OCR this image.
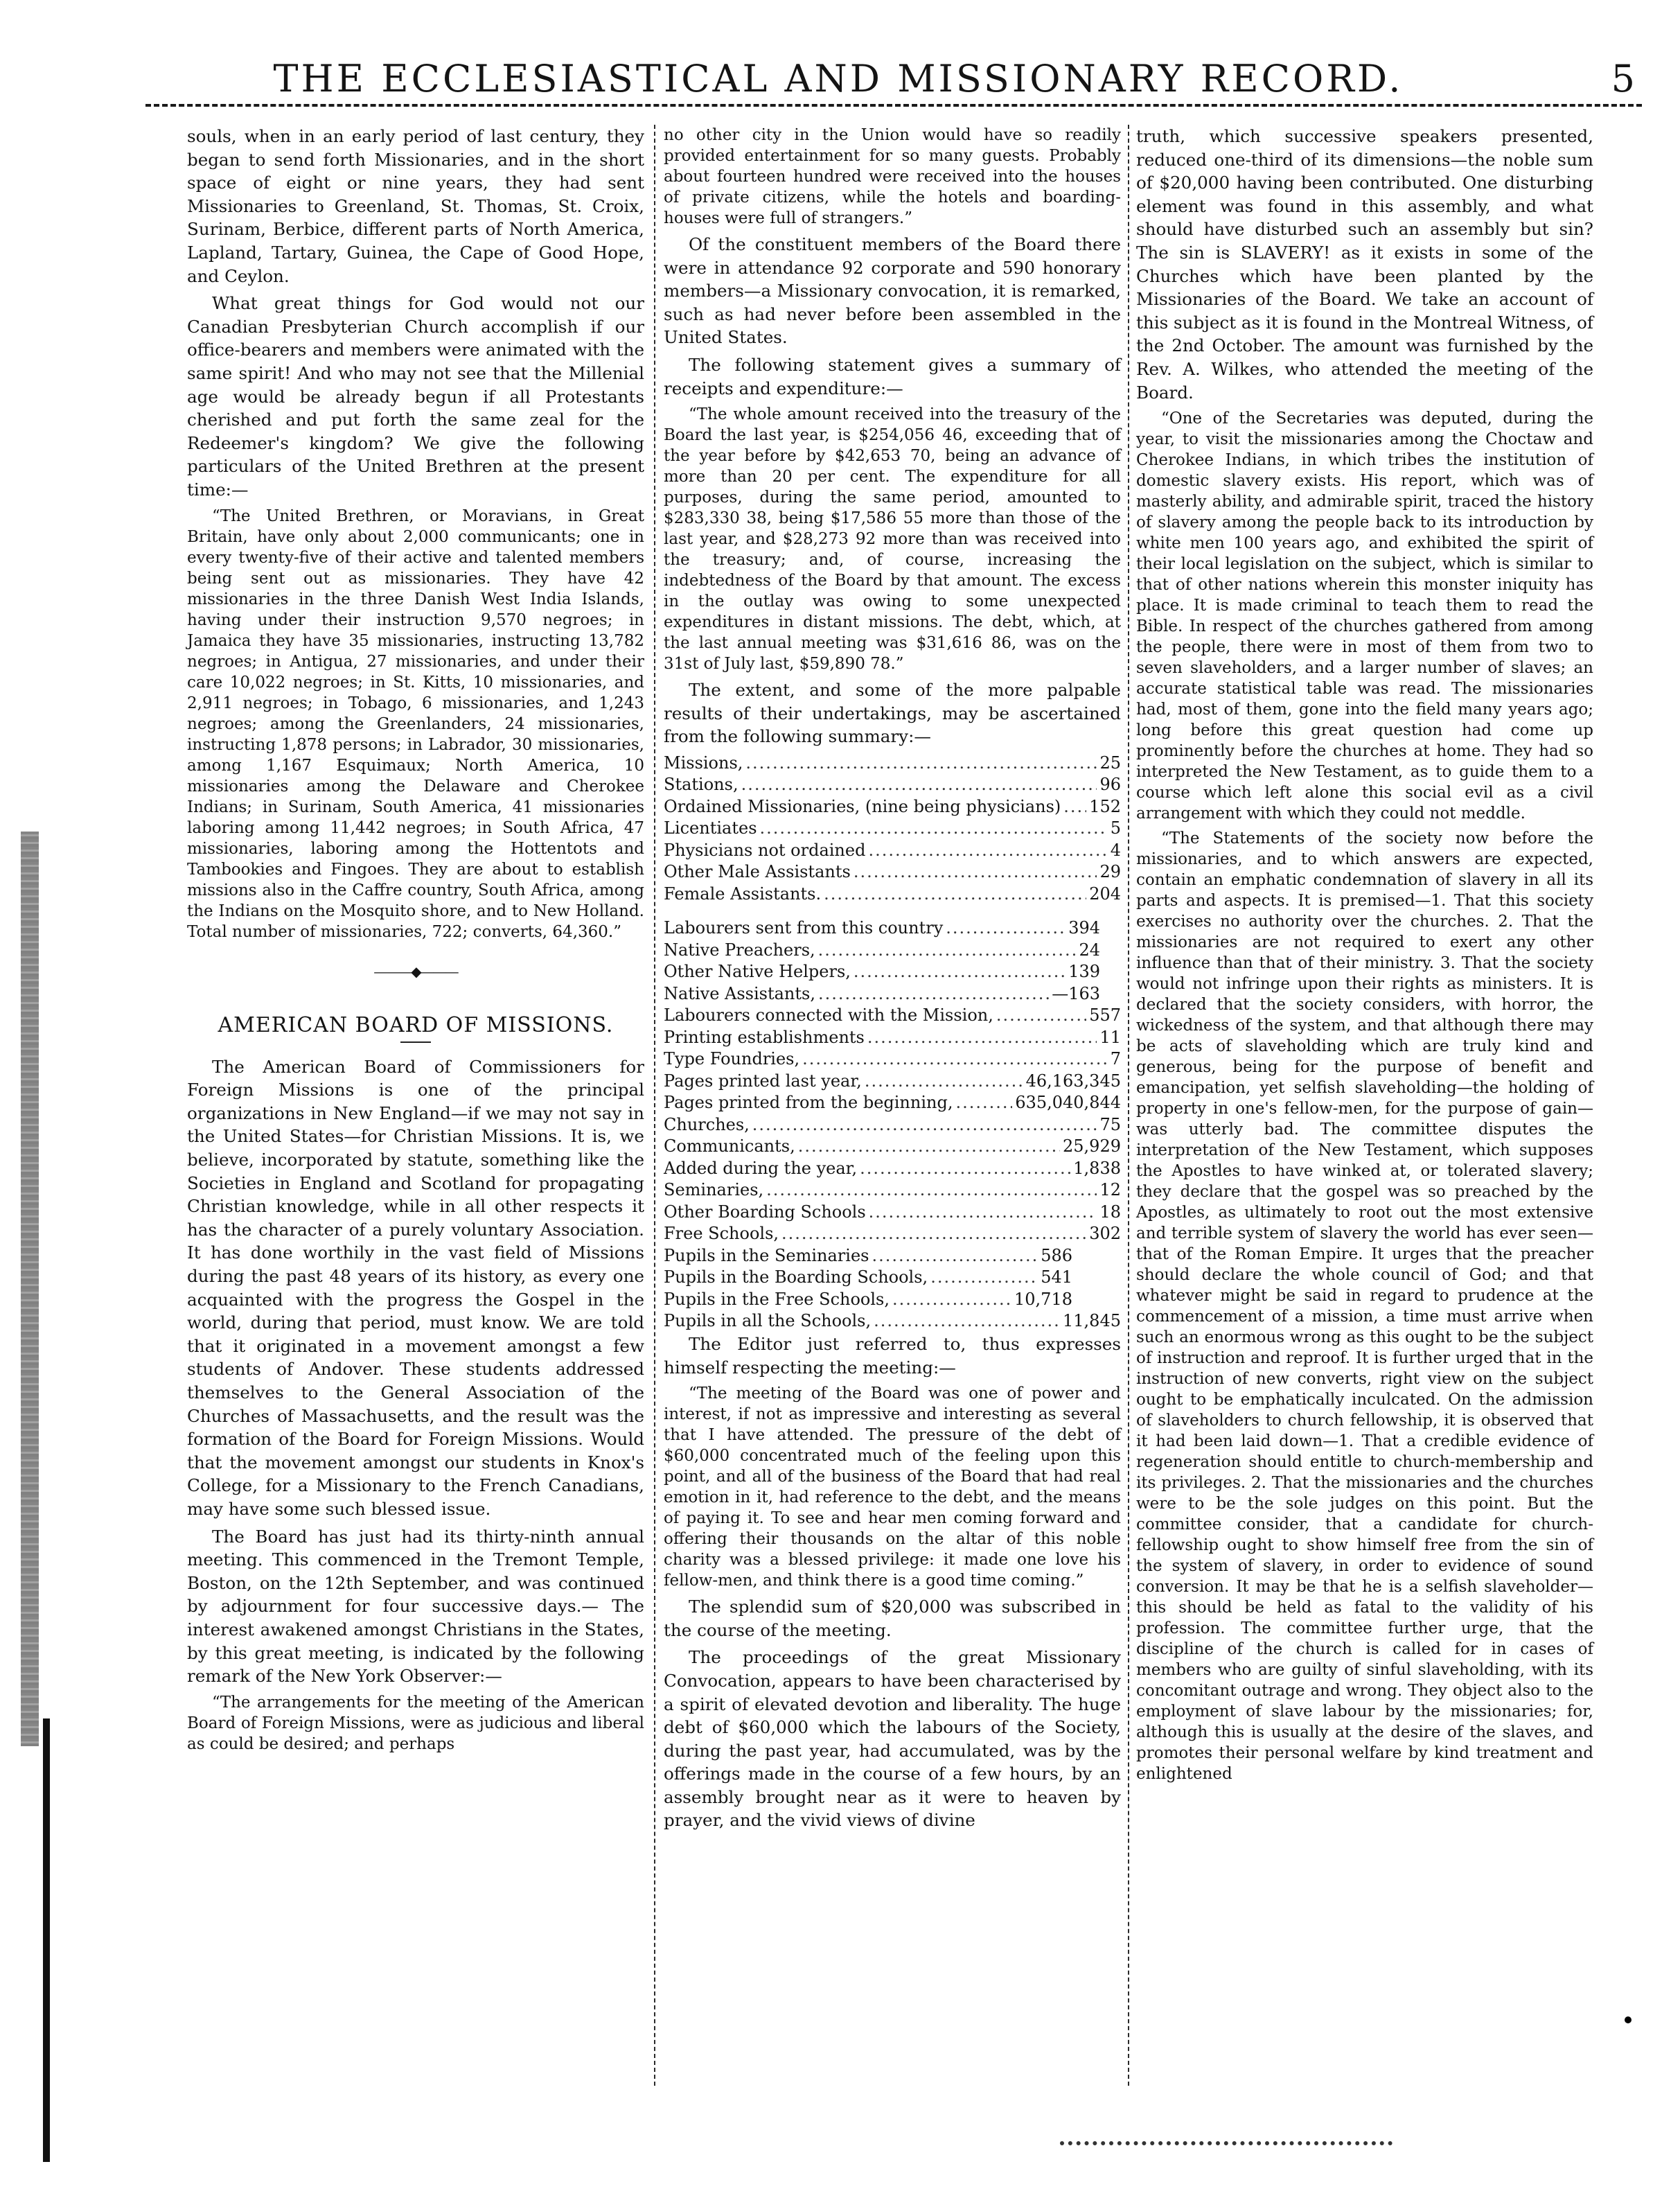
THE ECCLESIASTICAL AND MISSIONARY RECORD.	5

souls, when in an early period of last century, they began to send forth Missionaries, and in the short space of eight or nine years, they had sent Missionaries to Greenland, St. Thomas, St. Croix, Surinam, Berbice, different parts of North America, Lapland, Tartary, Guinea, the Cape of Good Hope, and Ceylon.

What great things for God would not our Canadian Presbyterian Church accomplish if our office-bearers and members were animated with the same spirit! And who may not see that the Millenial age would be already begun if all Protestants cherished and put forth the same zeal for the Redeemer's kingdom? We give the following particulars of the United Brethren at the present time:—

“The United Brethren, or Moravians, in Great Britain, have only about 2,000 communicants; one in every twenty-five of their active and talented members being sent out as missionaries. They have 42 missionaries in the three Danish West India Islands, having under their instruction 9,570 negroes; in Jamaica they have 35 missionaries, instructing 13,782 negroes; in Antigua, 27 missionaries, and under their care 10,022 negroes; in St. Kitts, 10 missionaries, and 2,911 negroes; in Tobago, 6 missionaries, and 1,243 negroes; among the Greenlanders, 24 missionaries, instructing 1,878 persons; in Labrador, 30 missionaries, among 1,167 Esquimaux; North America, 10 missionaries among the Delaware and Cherokee Indians; in Surinam, South America, 41 missionaries laboring among 11,442 negroes; in South Africa, 47 missionaries, laboring among the Hottentots and Tambookies and Fingoes. They are about to establish missions also in the Caffre country, South Africa, among the Indians on the Mosquito shore, and to New Holland. Total number of missionaries, 722; converts, 64,360.”

———◆———
AMERICAN BOARD OF MISSIONS.

The American Board of Commissioners for Foreign Missions is one of the principal organizations in New England—if we may not say in the United States—for Christian Missions. It is, we believe, incorporated by statute, something like the Societies in England and Scotland for propagating Christian knowledge, while in all other respects it has the character of a purely voluntary Association. It has done worthily in the vast field of Missions during the past 48 years of its history, as every one acquainted with the progress the Gospel in the world, during that period, must know. We are told that it originated in a movement amongst a few students of Andover. These students addressed themselves to the General Association of the Churches of Massachusetts, and the result was the formation of the Board for Foreign Missions. Would that the movement amongst our students in Knox's College, for a Missionary to the French Canadians, may have some such blessed issue.

The Board has just had its thirty-ninth annual meeting. This commenced in the Tremont Temple, Boston, on the 12th September, and was continued by adjournment for four successive days.— The interest awakened amongst Christians in the States, by this great meeting, is indicated by the following remark of the New York Observer:—

“The arrangements for the meeting of the American Board of Foreign Missions, were as judicious and liberal as could be desired; and perhaps

no other city in the Union would have so readily provided entertainment for so many guests. Probably about fourteen hundred were received into the houses of private citizens, while the hotels and boarding-houses were full of strangers.”

Of the constituent members of the Board there were in attendance 92 corporate and 590 honorary members—a Missionary convocation, it is remarked, such as had never before been assembled in the United States.

The following statement gives a summary of receipts and expenditure:—

“The whole amount received into the treasury of the Board the last year, is $254,056 46, exceeding that of the year before by $42,653 70, being an advance of more than 20 per cent. The expenditure for all purposes, during the same period, amounted to $283,330 38, being $17,586 55 more than those of the last year, and $28,273 92 more than was received into the treasury; and, of course, increasing the indebtedness of the Board by that amount. The excess in the outlay was owing to some unexpected expenditures in distant missions. The debt, which, at the last annual meeting was $31,616 86, was on the 31st of July last, $59,890 78.”

The extent, and some of the more palpable results of their undertakings, may be ascertained from the following summary:—

Missions, .....	25
Stations, .....	96
Ordained Missionaries, (nine being physicians) ..... 152
Licentiates .....	5
Physicians not ordained .....	4
Other Male Assistants .....	29
Female Assistants. .....	204
Labourers sent from this country .....	394
Native Preachers, .....	24
Other Native Helpers, .....	139
Native Assistants, .....	—163
Labourers connected with the Mission, .....	557
Printing establishments .....	11
Type Foundries, .....	7
Pages printed last year, .....	46,163,345
Pages printed from the beginning, .....	635,040,844
Churches, .....	75
Communicants, .....	25,929
Added during the year, .....	1,838
Seminaries, .....	12
Other Boarding Schools .....	18
Free Schools, .....	302
Pupils in the Seminaries .....	586
Pupils in the Boarding Schools, .....	541
Pupils in the Free Schools, .....	10,718
Pupils in all the Schools, .....	11,845

The Editor just referred to, thus expresses himself respecting the meeting:—

“The meeting of the Board was one of power and interest, if not as impressive and interesting as several that I have attended. The pressure of the debt of $60,000 concentrated much of the feeling upon this point, and all of the business of the Board that had real emotion in it, had reference to the debt, and the means of paying it. To see and hear men coming forward and offering their thousands on the altar of this noble charity was a blessed privilege: it made one love his fellow-men, and think there is a good time coming.”

The splendid sum of $20,000 was subscribed in the course of the meeting.

The proceedings of the great Missionary Convocation, appears to have been characterised by a spirit of elevated devotion and liberality. The huge debt of $60,000 which the labours of the Society, during the past year, had accumulated, was by the offerings made in the course of a few hours, by an assembly brought near as it were to heaven by prayer, and the vivid views of divine

truth, which successive speakers presented, reduced one-third of its dimensions—the noble sum of $20,000 having been contributed. One disturbing element was found in this assembly, and what should have disturbed such an assembly but sin? The sin is SLAVERY! as it exists in some of the Churches which have been planted by the Missionaries of the Board. We take an account of this subject as it is found in the Montreal Witness, of the 2nd October. The amount was furnished by the Rev. A. Wilkes, who attended the meeting of the Board.

“One of the Secretaries was deputed, during the year, to visit the missionaries among the Choctaw and Cherokee Indians, in which tribes the institution of domestic slavery exists. His report, which was of masterly ability, and admirable spirit, traced the history of slavery among the people back to its introduction by white men 100 years ago, and exhibited the spirit of their local legislation on the subject, which is similar to that of other nations wherein this monster iniquity has place. It is made criminal to teach them to read the Bible. In respect of the churches gathered from among the people, there were in most of them from two to seven slaveholders, and a larger number of slaves; an accurate statistical table was read. The missionaries had, most of them, gone into the field many years ago; long before this great question had come up prominently before the churches at home. They had so interpreted the New Testament, as to guide them to a course which left alone this social evil as a civil arrangement with which they could not meddle.

“The Statements of the society now before the missionaries, and to which answers are expected, contain an emphatic condemnation of slavery in all its parts and aspects. It is premised—1. That this society exercises no authority over the churches. 2. That the missionaries are not required to exert any other influence than that of their ministry. 3. That the society would not infringe upon their rights as ministers. It is declared that the society considers, with horror, the wickedness of the system, and that although there may be acts of slaveholding which are truly kind and generous, being for the purpose of benefit and emancipation, yet selfish slaveholding—the holding of property in one's fellow-men, for the purpose of gain—was utterly bad. The committee disputes the interpretation of the New Testament, which supposes the Apostles to have winked at, or tolerated slavery; they declare that the gospel was so preached by the Apostles, as ultimately to root out the most extensive and terrible system of slavery the world has ever seen—that of the Roman Empire. It urges that the preacher should declare the whole council of God; and that whatever might be said in regard to prudence at the commencement of a mission, a time must arrive when such an enormous wrong as this ought to be the subject of instruction and reproof. It is further urged that in the instruction of new converts, right view on the subject ought to be emphatically inculcated. On the admission of slaveholders to church fellowship, it is observed that it had been laid down—1. That a credible evidence of regeneration should entitle to church-membership and its privileges. 2. That the missionaries and the churches were to be the sole judges on this point. But the committee consider, that a candidate for church-fellowship ought to show himself free from the sin of the system of slavery, in order to evidence of sound conversion. It may be that he is a selfish slaveholder—this should be held as fatal to the validity of his profession. The committee further urge, that the discipline of the church is called for in cases of members who are guilty of sinful slaveholding, with its concomitant outrage and wrong. They object also to the employment of slave labour by the missionaries; for, although this is usually at the desire of the slaves, and promotes their personal welfare by kind treatment and enlightened
